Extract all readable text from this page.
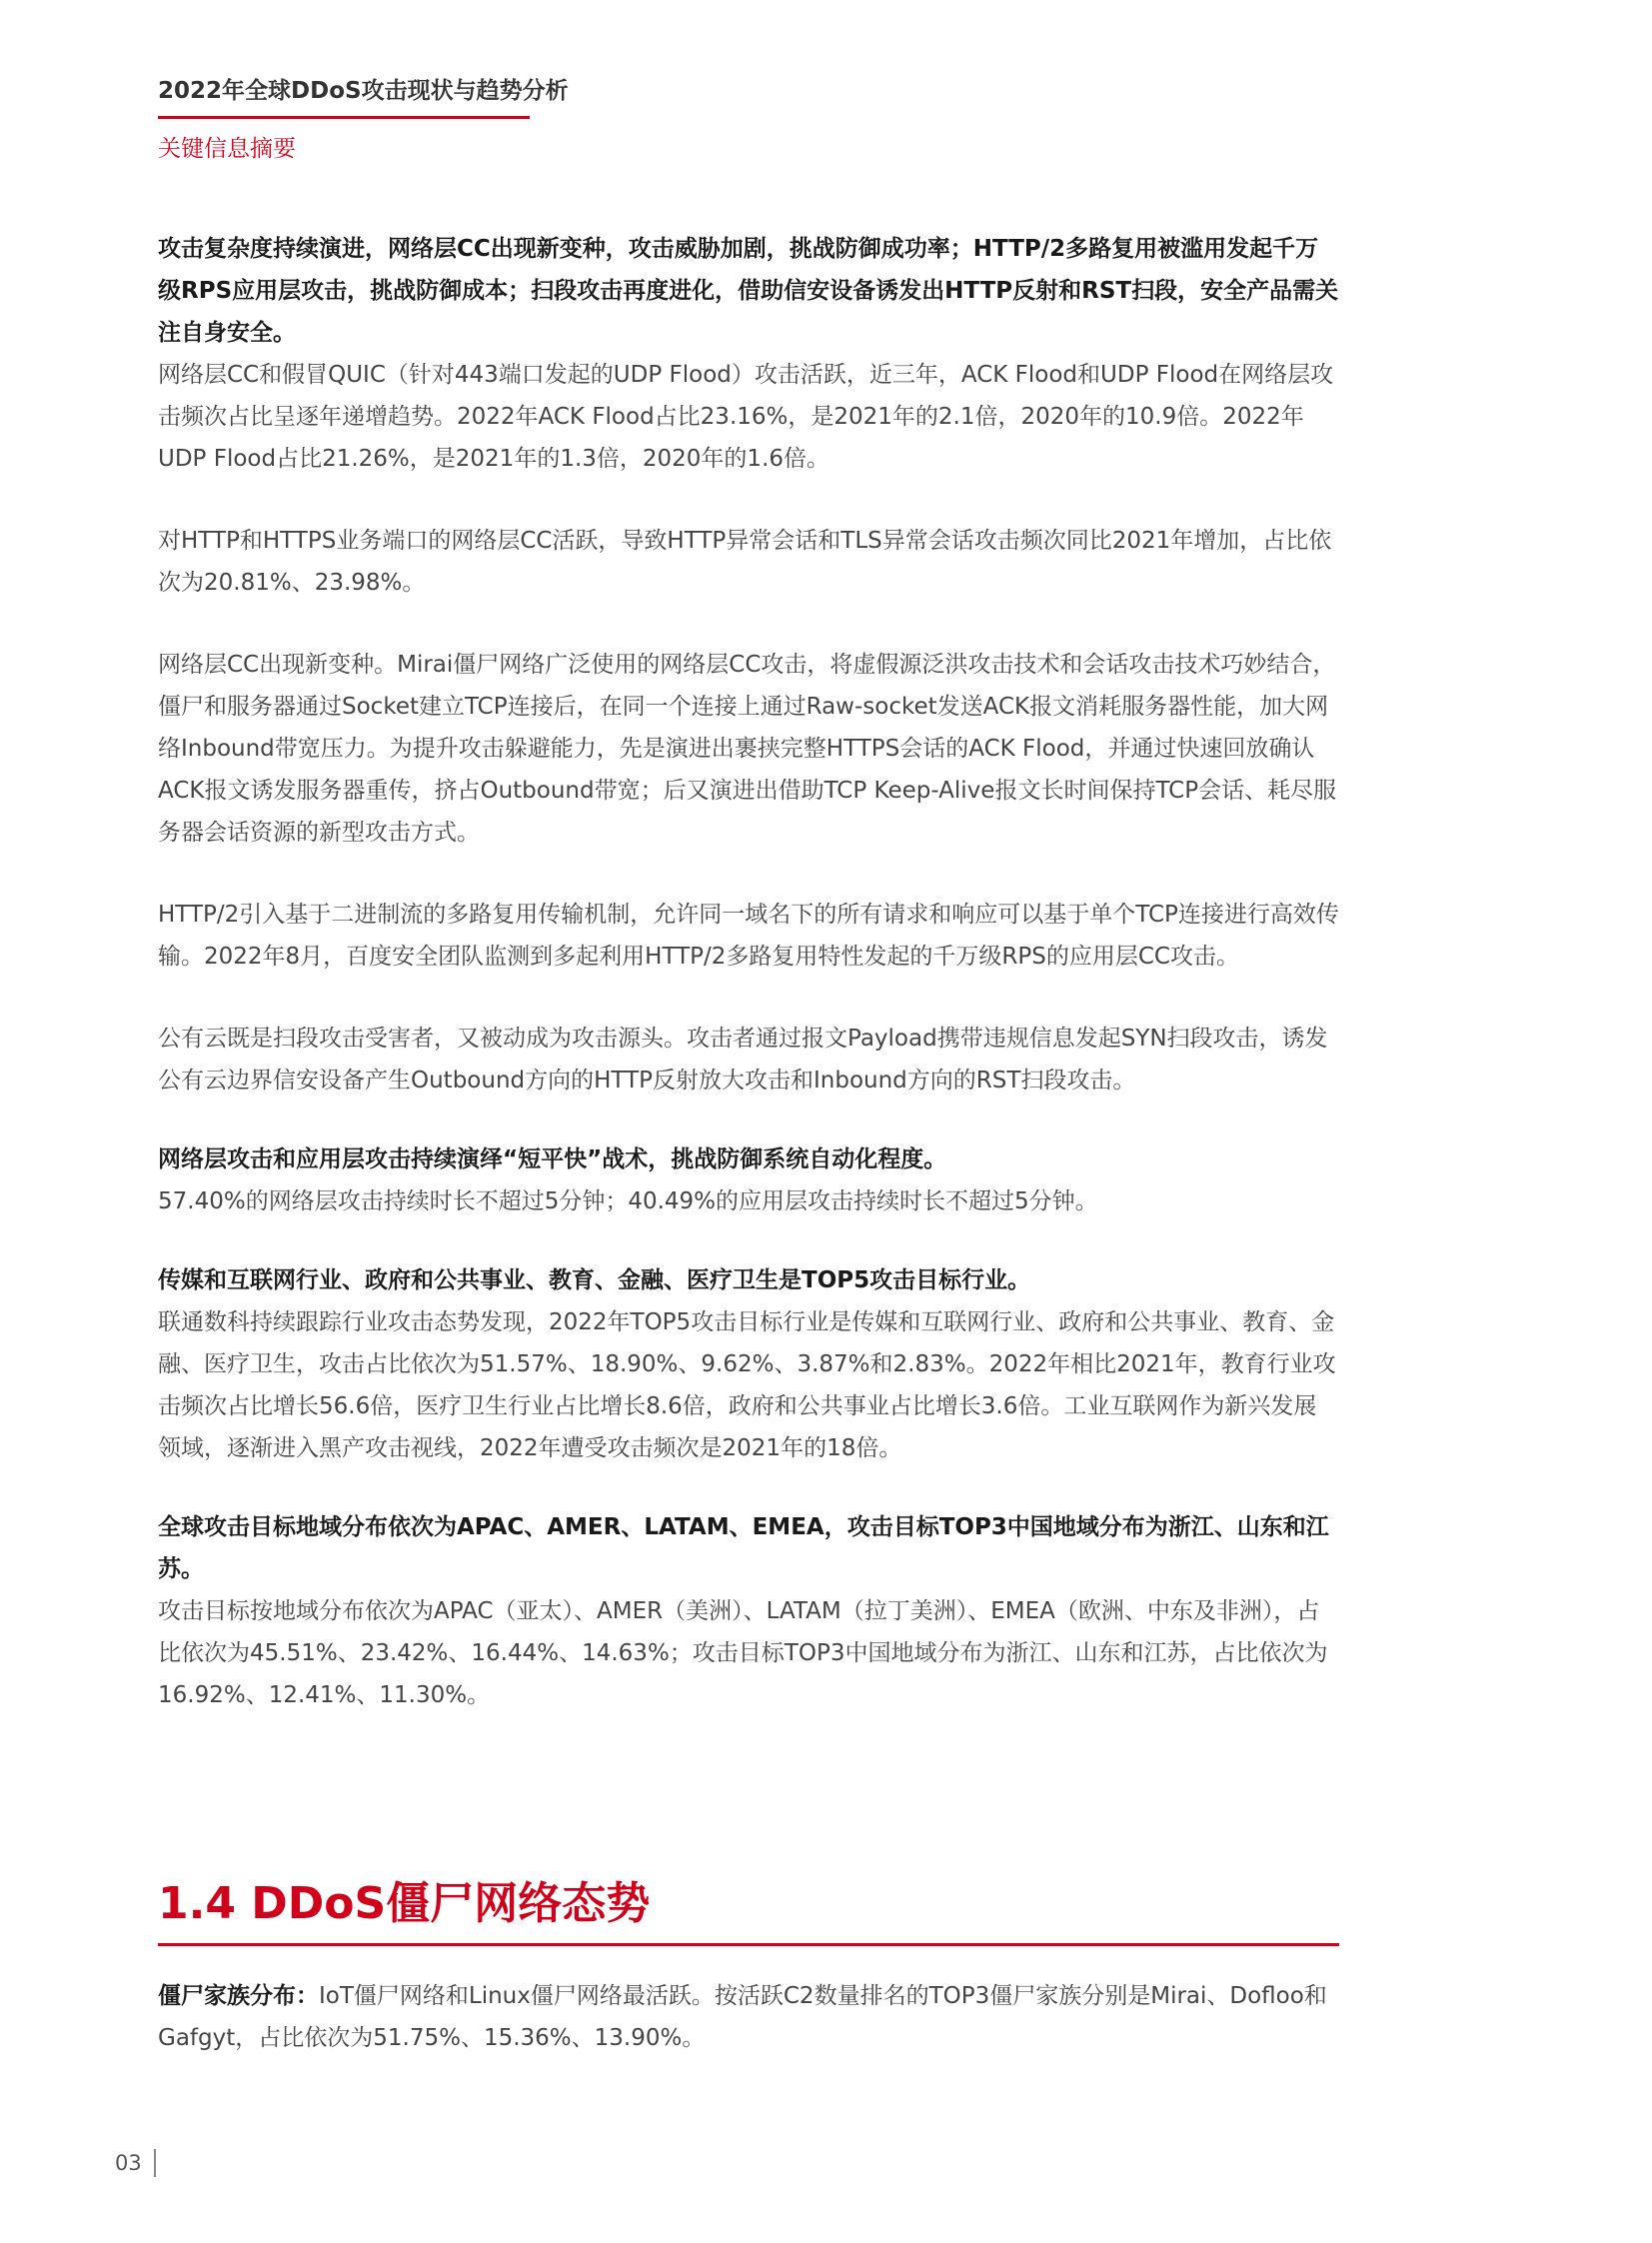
2022年全球DDoS攻击现状与趋势分析
关键信息摘要

攻击复杂度持续演进，网络层CC出现新变种，攻击威胁加剧，挑战防御成功率；HTTP/2多路复用被滥用发起千万级RPS应用层攻击，挑战防御成本；扫段攻击再度进化，借助信安设备诱发出HTTP反射和RST扫段，安全产品需关注自身安全。

网络层CC和假冒QUIC（针对443端口发起的UDP Flood）攻击活跃，近三年，ACK Flood和UDP Flood在网络层攻击频次占比呈逐年递增趋势。2022年ACK Flood占比23.16%，是2021年的2.1倍，2020年的10.9倍。2022年UDP Flood占比21.26%，是2021年的1.3倍，2020年的1.6倍。

对HTTP和HTTPS业务端口的网络层CC活跃，导致HTTP异常会话和TLS异常会话攻击频次同比2021年增加，占比依次为20.81%、23.98%。

网络层CC出现新变种。Mirai僵尸网络广泛使用的网络层CC攻击，将虚假源泛洪攻击技术和会话攻击技术巧妙结合，僵尸和服务器通过Socket建立TCP连接后，在同一个连接上通过Raw-socket发送ACK报文消耗服务器性能，加大网络Inbound带宽压力。为提升攻击躲避能力，先是演进出裹挟完整HTTPS会话的ACK Flood，并通过快速回放确认ACK报文诱发服务器重传，挤占Outbound带宽；后又演进出借助TCP Keep-Alive报文长时间保持TCP会话、耗尽服务器会话资源的新型攻击方式。

HTTP/2引入基于二进制流的多路复用传输机制，允许同一域名下的所有请求和响应可以基于单个TCP连接进行高效传输。2022年8月，百度安全团队监测到多起利用HTTP/2多路复用特性发起的千万级RPS的应用层CC攻击。

公有云既是扫段攻击受害者，又被动成为攻击源头。攻击者通过报文Payload携带违规信息发起SYN扫段攻击，诱发公有云边界信安设备产生Outbound方向的HTTP反射放大攻击和Inbound方向的RST扫段攻击。

网络层攻击和应用层攻击持续演绎“短平快”战术，挑战防御系统自动化程度。

57.40%的网络层攻击持续时长不超过5分钟；40.49%的应用层攻击持续时长不超过5分钟。

传媒和互联网行业、政府和公共事业、教育、金融、医疗卫生是TOP5攻击目标行业。

联通数科持续跟踪行业攻击态势发现，2022年TOP5攻击目标行业是传媒和互联网行业、政府和公共事业、教育、金融、医疗卫生，攻击占比依次为51.57%、18.90%、9.62%、3.87%和2.83%。2022年相比2021年，教育行业攻击频次占比增长56.6倍，医疗卫生行业占比增长8.6倍，政府和公共事业占比增长3.6倍。工业互联网作为新兴发展领域，逐渐进入黑产攻击视线，2022年遭受攻击频次是2021年的18倍。

全球攻击目标地域分布依次为APAC、AMER、LATAM、EMEA，攻击目标TOP3中国地域分布为浙江、山东和江苏。

攻击目标按地域分布依次为APAC（亚太）、AMER（美洲）、LATAM（拉丁美洲）、EMEA（欧洲、中东及非洲），占比依次为45.51%、23.42%、16.44%、14.63%；攻击目标TOP3中国地域分布为浙江、山东和江苏，占比依次为16.92%、12.41%、11.30%。

1.4 DDoS僵尸网络态势

僵尸家族分布：IoT僵尸网络和Linux僵尸网络最活跃。按活跃C2数量排名的TOP3僵尸家族分别是Mirai、Dofloo和Gafgyt，占比依次为51.75%、15.36%、13.90%。

03
